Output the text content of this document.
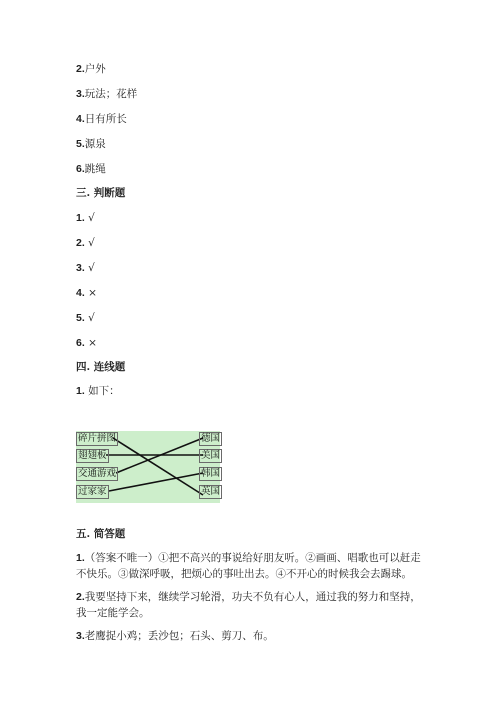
2.户外
3.玩法；花样
4.日有所长
5.源泉
6.跳绳
三. 判断题
1. √
2. √
3. √
4. ×
5. √
6. ×
四. 连线题
1. 如下：
碎片拼图
翅翅板
交通游戏
过家家
德国
美国
韩国
英国
五. 简答题
1.（答案不唯一）①把不高兴的事说给好朋友听。②画画、唱歌也可以赶走不快乐。③做深呼吸，把烦心的事吐出去。④不开心的时候我会去踢球。
2.我要坚持下来，继续学习轮滑，功夫不负有心人，通过我的努力和坚持，我一定能学会。
3.老鹰捉小鸡；丢沙包；石头、剪刀、布。
